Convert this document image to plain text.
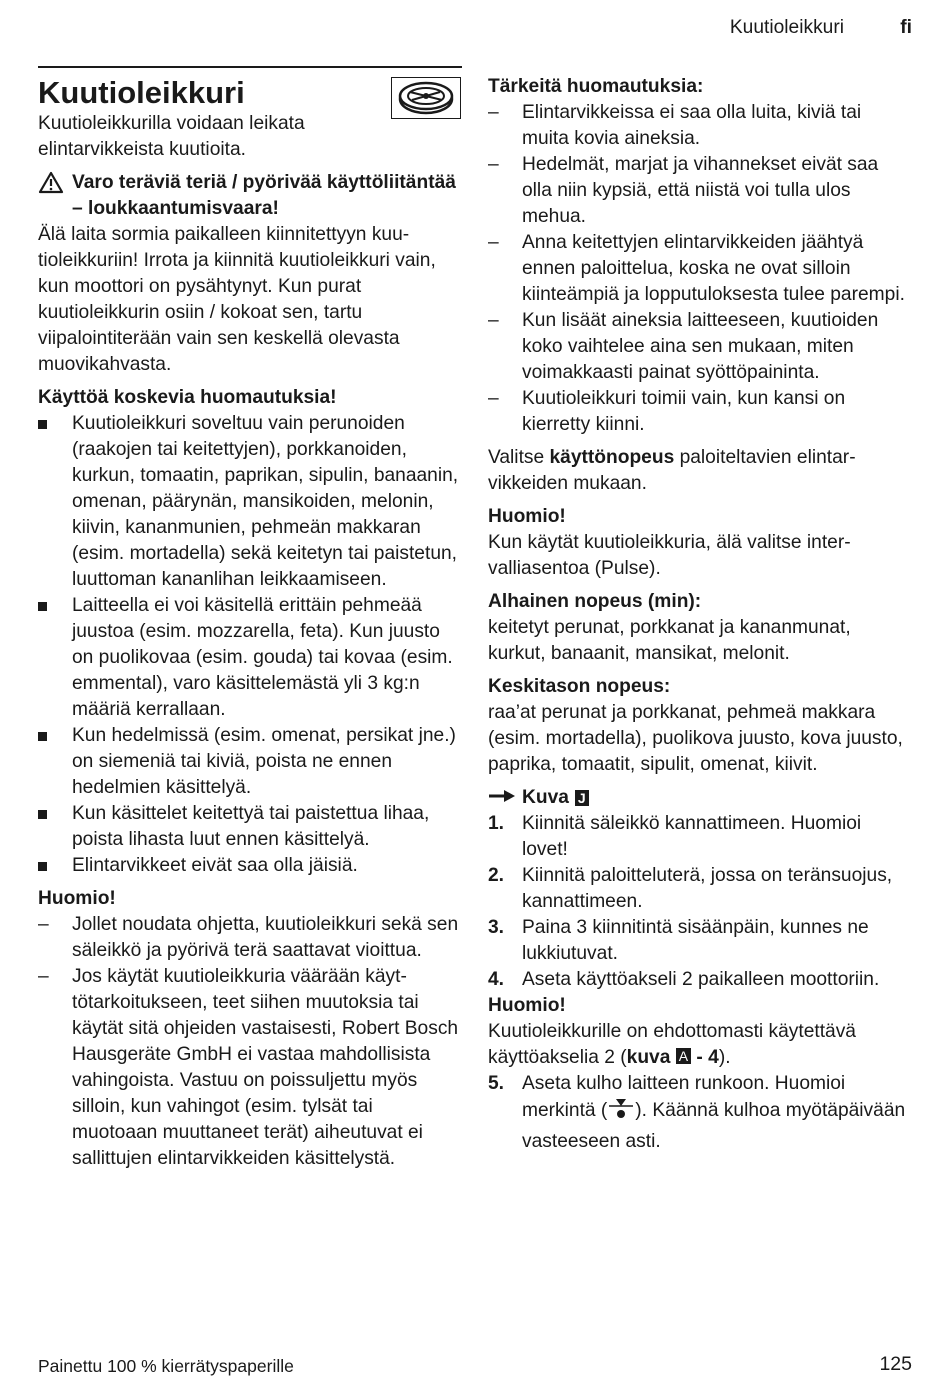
Kuutioleikkuri	fi
Kuutioleikkuri

Kuutioleikkurilla voidaan leikata elintarvikkeista kuutioita.

Varo teräviä teriä / pyörivää käyttöliitäntää – loukkaantumisvaara!

Älä laita sormia paikalleen kiinnitettyyn kuutioleikkuriin! Irrota ja kiinnitä kuutioleikkuri vain, kun moottori on pysähtynyt. Kun purat kuutioleikkurin osiin / kokoat sen, tartu viipalointiterään vain sen keskellä olevasta muovikahvasta.

Käyttöä koskevia huomautuksia!

Kuutioleikkuri soveltuu vain perunoiden (raakojen tai keitettyjen), porkkanoiden, kurkun, tomaatin, paprikan, sipulin, banaanin, omenan, päärynän, mansikoiden, melonin, kiivin, kananmunien, pehmeän makkaran (esim. mortadella) sekä keitetyn tai paistetun, luuttoman kananlihan leikkaamiseen.
Laitteella ei voi käsitellä erittäin pehmeää juustoa (esim. mozzarella, feta). Kun juusto on puolikovaa (esim. gouda) tai kovaa (esim. emmental), varo käsittelemästä yli 3 kg:n määriä kerrallaan.
Kun hedelmissä (esim. omenat, persikat jne.) on siemeniä tai kiviä, poista ne ennen hedelmien käsittelyä.
Kun käsittelet keitettyä tai paistettua lihaa, poista lihasta luut ennen käsittelyä.
Elintarvikkeet eivät saa olla jäisiä.

Huomio!

–	Jollet noudata ohjetta, kuutioleikkuri sekä sen säleikkö ja pyörivä terä saattavat vioittua.
–	Jos käytät kuutioleikkuria väärään käyttötarkoitukseen, teet siihen muutoksia tai käytät sitä ohjeiden vastaisesti, Robert Bosch Hausgeräte GmbH ei vastaa mahdollisista vahingoista. Vastuu on poissuljettu myös silloin, kun vahingot (esim. tylsät tai muotoaan muuttaneet terät) aiheutuvat ei sallittujen elintarvikkeiden käsittelystä.

Tärkeitä huomautuksia:

–	Elintarvikkeissa ei saa olla luita, kiviä tai muita kovia aineksia.
–	Hedelmät, marjat ja vihannekset eivät saa olla niin kypsiä, että niistä voi tulla ulos mehua.
–	Anna keitettyjen elintarvikkeiden jäähtyä ennen paloittelua, koska ne ovat silloin kiinteämpiä ja lopputuloksesta tulee parempi.
–	Kun lisäät aineksia laitteeseen, kuutioiden koko vaihtelee aina sen mukaan, miten voimakkaasti painat syöttöpaininta.
–	Kuutioleikkuri toimii vain, kun kansi on kierretty kiinni.

Valitse käyttönopeus paloiteltavien elintarvikkeiden mukaan.

Huomio!

Kun käytät kuutioleikkuria, älä valitse intervalliasentoa (Pulse).

Alhainen nopeus (min):

keitetyt perunat, porkkanat ja kananmunat, kurkut, banaanit, mansikat, melonit.

Keskitason nopeus:

raa’at perunat ja porkkanat, pehmeä makkara (esim. mortadella), puolikova juusto, kova juusto, paprika, tomaatit, sipulit, omenat, kiivit.

Kuva J
1. Kiinnitä säleikkö kannattimeen. Huomioi lovet!
2. Kiinnitä paloitteluterä, jossa on teränsuojus, kannattimeen.
3. Paina 3 kiinnitintä sisäänpäin, kunnes ne lukkiutuvat.
4. Aseta käyttöakseli 2 paikalleen moottoriin.

Huomio!

Kuutioleikkurille on ehdottomasti käytettävä käyttöakselia 2 (kuva A - 4).

5. Aseta kulho laitteen runkoon. Huomioi merkintä ( ). Käännä kulhoa myötäpäivään vasteeseen asti.
Painettu 100 % kierrätyspaperille	125
